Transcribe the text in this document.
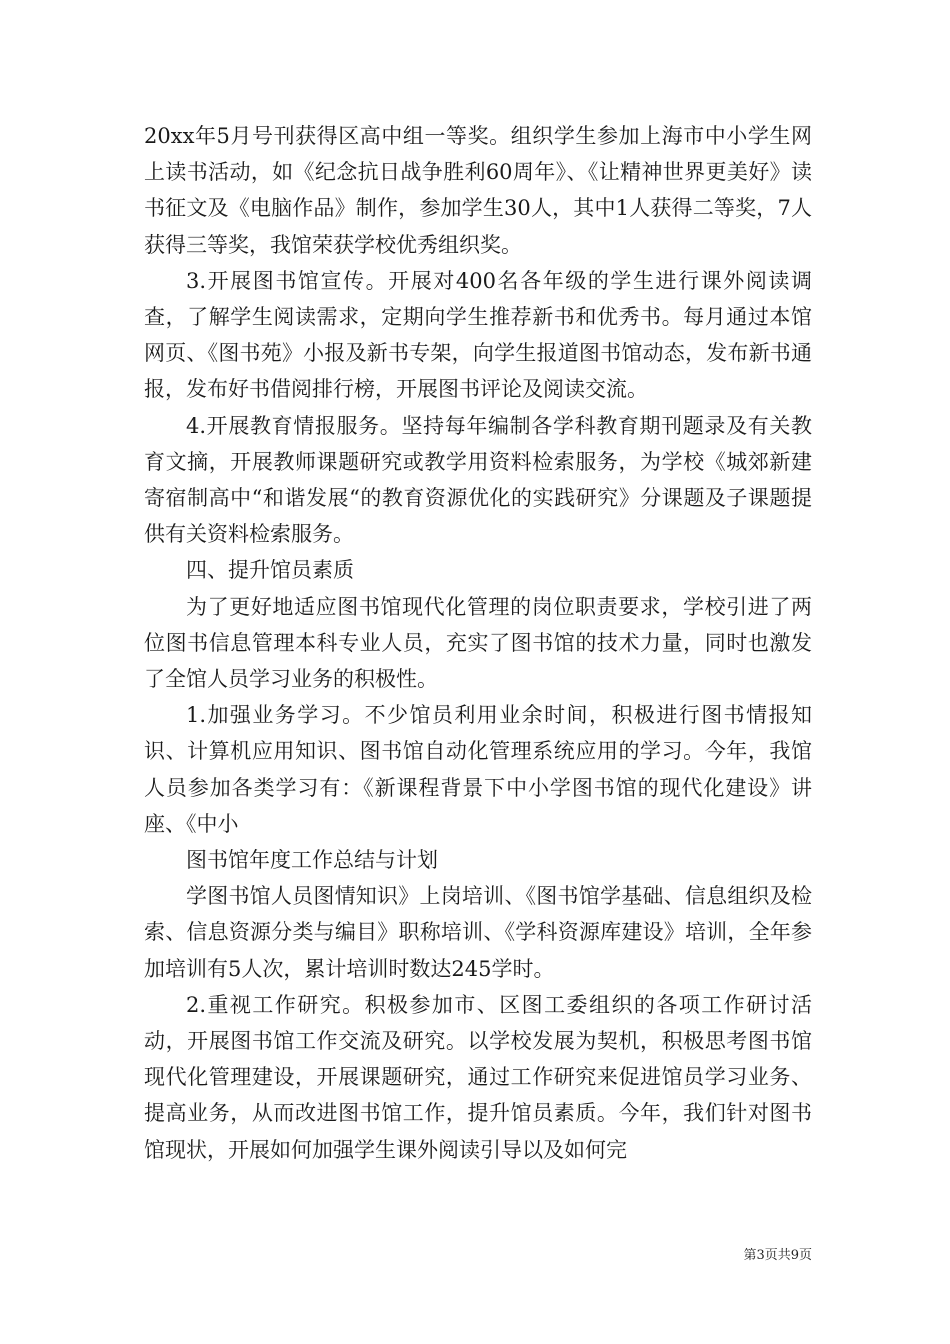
20xx年5月号刊获得区高中组一等奖。组织学生参加上海市中小学生网上读书活动，如《纪念抗日战争胜利60周年》、《让精神世界更美好》读书征文及《电脑作品》制作，参加学生30人，其中1人获得二等奖，7人获得三等奖，我馆荣获学校优秀组织奖。

3.开展图书馆宣传。开展对400名各年级的学生进行课外阅读调查，了解学生阅读需求，定期向学生推荐新书和优秀书。每月通过本馆网页、《图书苑》小报及新书专架，向学生报道图书馆动态，发布新书通报，发布好书借阅排行榜，开展图书评论及阅读交流。

4.开展教育情报服务。坚持每年编制各学科教育期刊题录及有关教育文摘，开展教师课题研究或教学用资料检索服务，为学校《城郊新建寄宿制高中“和谐发展“的教育资源优化的实践研究》分课题及子课题提供有关资料检索服务。

四、提升馆员素质

为了更好地适应图书馆现代化管理的岗位职责要求，学校引进了两位图书信息管理本科专业人员，充实了图书馆的技术力量，同时也激发了全馆人员学习业务的积极性。

1.加强业务学习。不少馆员利用业余时间，积极进行图书情报知识、计算机应用知识、图书馆自动化管理系统应用的学习。今年，我馆人员参加各类学习有：《新课程背景下中小学图书馆的现代化建设》讲座、《中小

图书馆年度工作总结与计划

学图书馆人员图情知识》上岗培训、《图书馆学基础、信息组织及检索、信息资源分类与编目》职称培训、《学科资源库建设》培训，全年参加培训有5人次，累计培训时数达245学时。

2.重视工作研究。积极参加市、区图工委组织的各项工作研讨活动，开展图书馆工作交流及研究。以学校发展为契机，积极思考图书馆现代化管理建设，开展课题研究，通过工作研究来促进馆员学习业务、提高业务，从而改进图书馆工作，提升馆员素质。今年，我们针对图书馆现状，开展如何加强学生课外阅读引导以及如何完

第3页共9页
